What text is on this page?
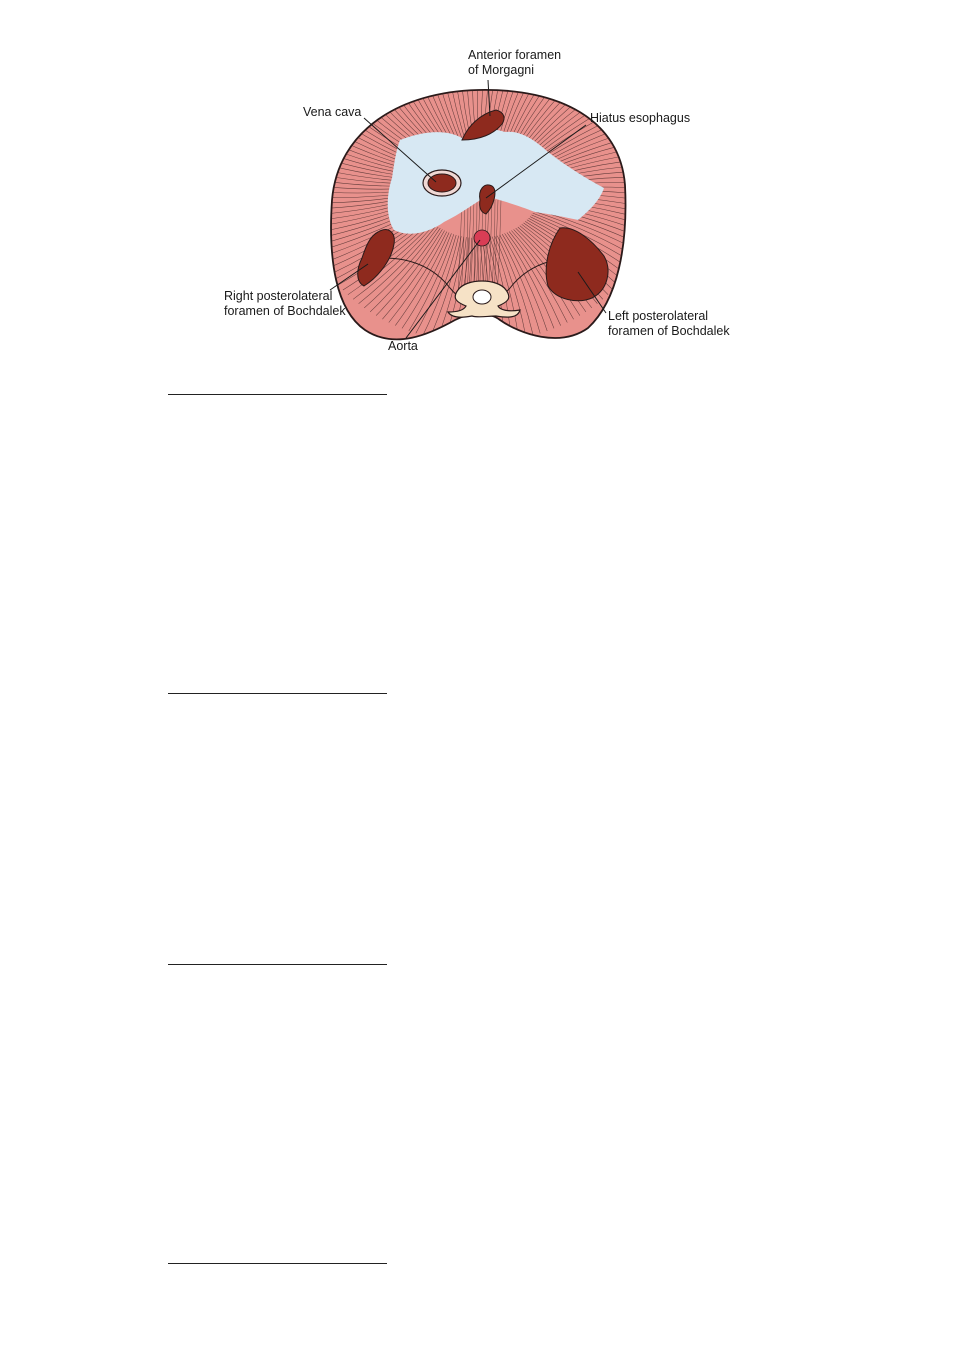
Anterior foramen
of Morgagni
Vena cava	Hiatus esophagus
Right posterolateral
foramen of Bochdalek	Left posterolateral
foramen of Bochdalek
Aorta
